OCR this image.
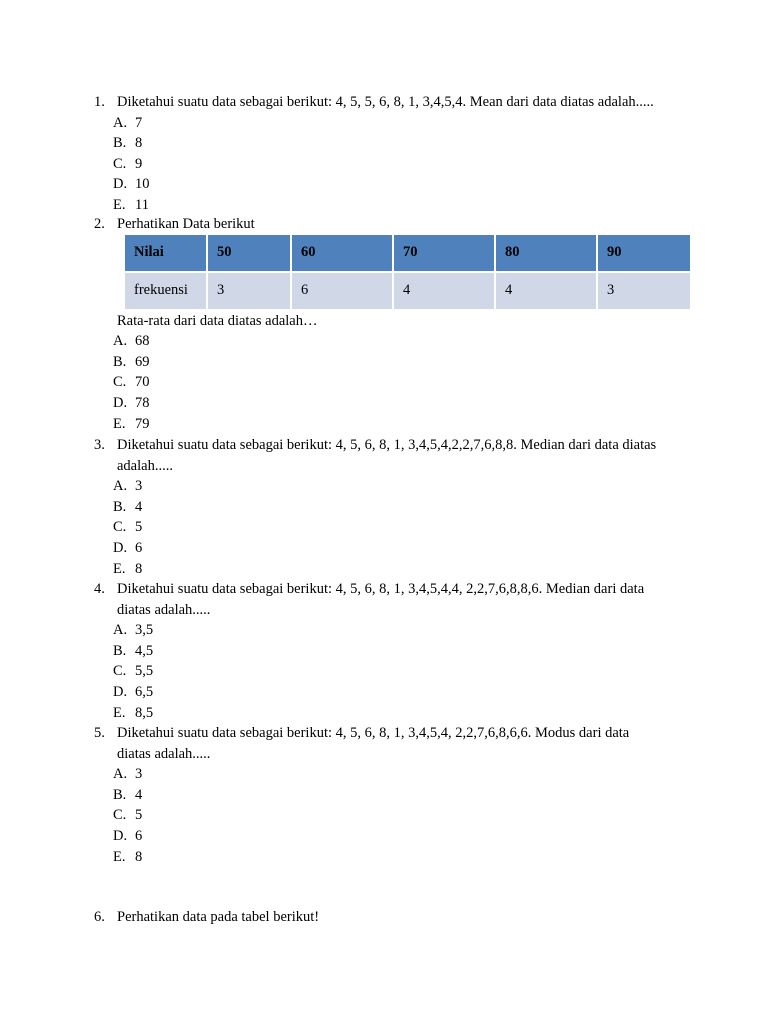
1. Diketahui suatu data sebagai berikut: 4, 5, 5, 6, 8, 1, 3,4,5,4. Mean dari data diatas adalah.....
A. 7
B. 8
C. 9
D. 10
E. 11
2. Perhatikan Data berikut
Nilai	50	60	70	80	90
frekuensi	3	6	4	4	3
Rata-rata dari data diatas adalah…
A. 68
B. 69
C. 70
D. 78
E. 79
3. Diketahui suatu data sebagai berikut: 4, 5, 6, 8, 1, 3,4,5,4,2,2,7,6,8,8. Median dari data diatas
adalah.....
A. 3
B. 4
C. 5
D. 6
E. 8
4. Diketahui suatu data sebagai berikut: 4, 5, 6, 8, 1, 3,4,5,4,4, 2,2,7,6,8,8,6. Median dari data
diatas adalah.....
A. 3,5
B. 4,5
C. 5,5
D. 6,5
E. 8,5
5. Diketahui suatu data sebagai berikut: 4, 5, 6, 8, 1, 3,4,5,4, 2,2,7,6,8,6,6. Modus dari data
diatas adalah.....
A. 3
B. 4
C. 5
D. 6
E. 8
6. Perhatikan data pada tabel berikut!
